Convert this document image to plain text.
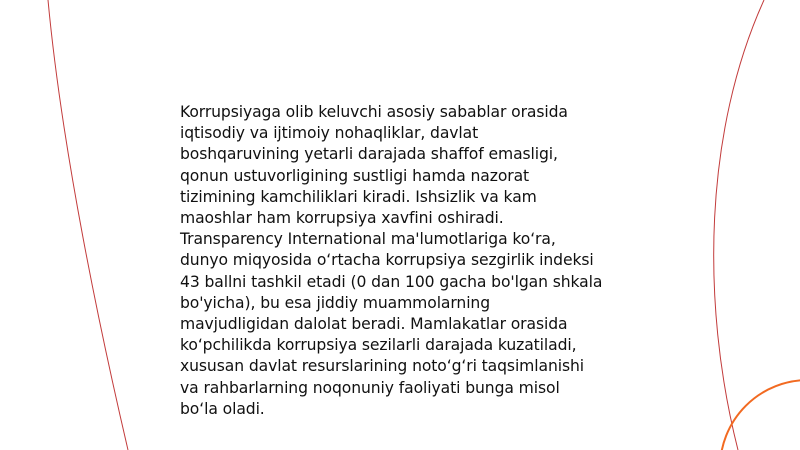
Korrupsiyaga olib keluvchi asosiy sabablar orasida
iqtisodiy va ijtimoiy nohaqliklar, davlat
boshqaruvining yetarli darajada shaffof emasligi,
qonun ustuvorligining sustligi hamda nazorat
tizimining kamchiliklari kiradi. Ishsizlik va kam
maoshlar ham korrupsiya xavfini oshiradi.
Transparency International ma'lumotlariga ko‘ra,
dunyo miqyosida o‘rtacha korrupsiya sezgirlik indeksi
43 ballni tashkil etadi (0 dan 100 gacha bo'lgan shkala
bo'yicha), bu esa jiddiy muammolarning
mavjudligidan dalolat beradi. Mamlakatlar orasida
ko‘pchilikda korrupsiya sezilarli darajada kuzatiladi,
xususan davlat resurslarining noto‘g‘ri taqsimlanishi
va rahbarlarning noqonuniy faoliyati bunga misol
bo‘la oladi.
